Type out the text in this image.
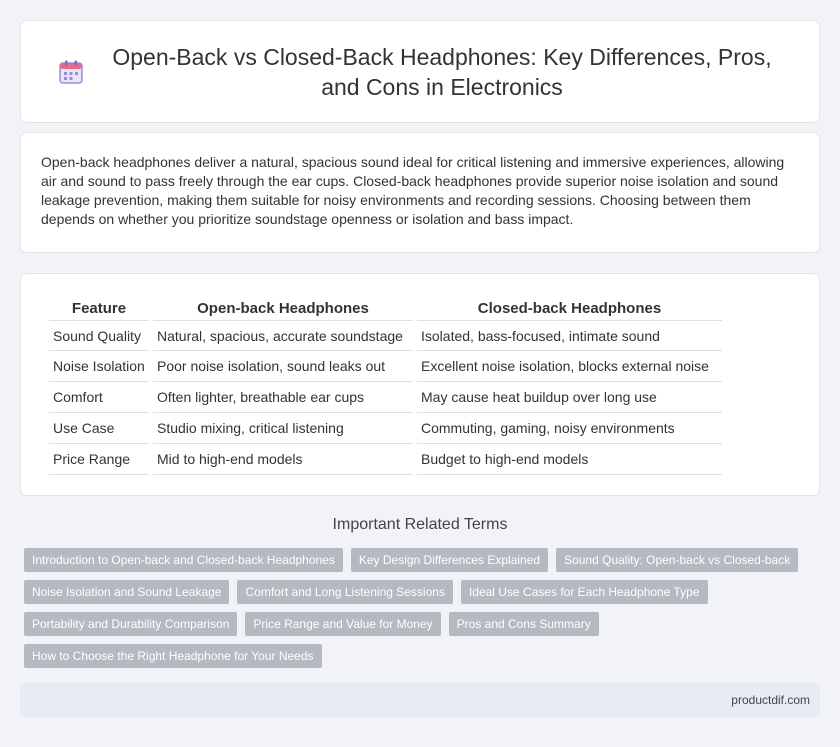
Open-Back vs Closed-Back Headphones: Key Differences, Pros, and Cons in Electronics

Open-back headphones deliver a natural, spacious sound ideal for critical listening and immersive experiences, allowing air and sound to pass freely through the ear cups. Closed-back headphones provide superior noise isolation and sound leakage prevention, making them suitable for noisy environments and recording sessions. Choosing between them depends on whether you prioritize soundstage openness or isolation and bass impact.

Feature	Open-back Headphones	Closed-back Headphones
Sound Quality	Natural, spacious, accurate soundstage	Isolated, bass-focused, intimate sound
Noise Isolation	Poor noise isolation, sound leaks out	Excellent noise isolation, blocks external noise
Comfort	Often lighter, breathable ear cups	May cause heat buildup over long use
Use Case	Studio mixing, critical listening	Commuting, gaming, noisy environments
Price Range	Mid to high-end models	Budget to high-end models
Important Related Terms
Introduction to Open-back and Closed-back Headphones	Key Design Differences Explained	Sound Quality: Open-back vs Closed-back
Noise Isolation and Sound Leakage	Comfort and Long Listening Sessions	Ideal Use Cases for Each Headphone Type
Portability and Durability Comparison	Price Range and Value for Money	Pros and Cons Summary
How to Choose the Right Headphone for Your Needs
productdif.com
